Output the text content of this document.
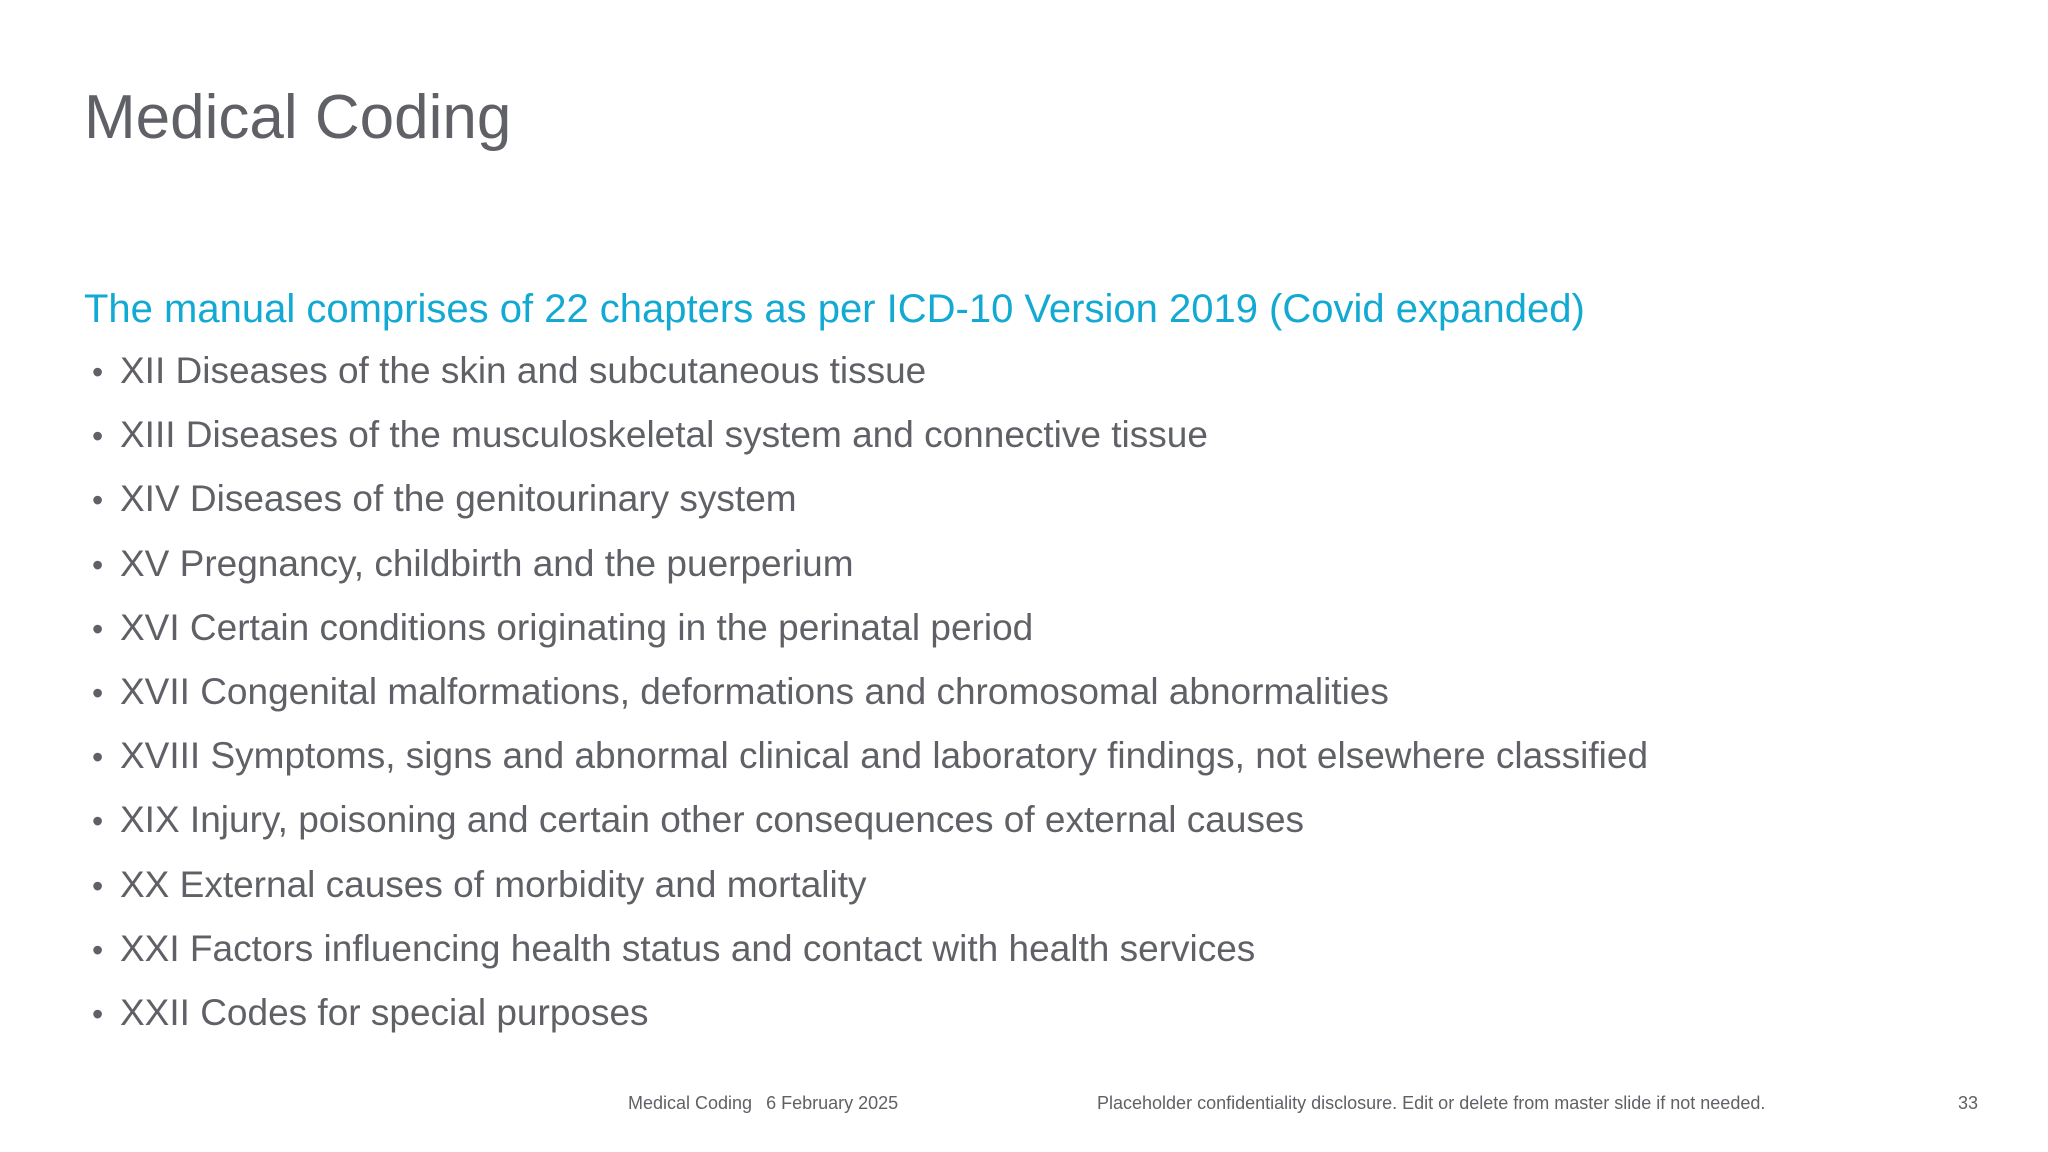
Medical Coding
The manual comprises of 22 chapters as per ICD-10 Version 2019 (Covid expanded)
• XII Diseases of the skin and subcutaneous tissue
• XIII Diseases of the musculoskeletal system and connective tissue
• XIV Diseases of the genitourinary system
• XV Pregnancy, childbirth and the puerperium
• XVI Certain conditions originating in the perinatal period
• XVII Congenital malformations, deformations and chromosomal abnormalities
• XVIII Symptoms, signs and abnormal clinical and laboratory findings, not elsewhere classified
• XIX Injury, poisoning and certain other consequences of external causes
• XX External causes of morbidity and mortality
• XXI Factors influencing health status and contact with health services
• XXII Codes for special purposes
Medical Coding 6 February 2025	Placeholder confidentiality disclosure. Edit or delete from master slide if not needed.	33
